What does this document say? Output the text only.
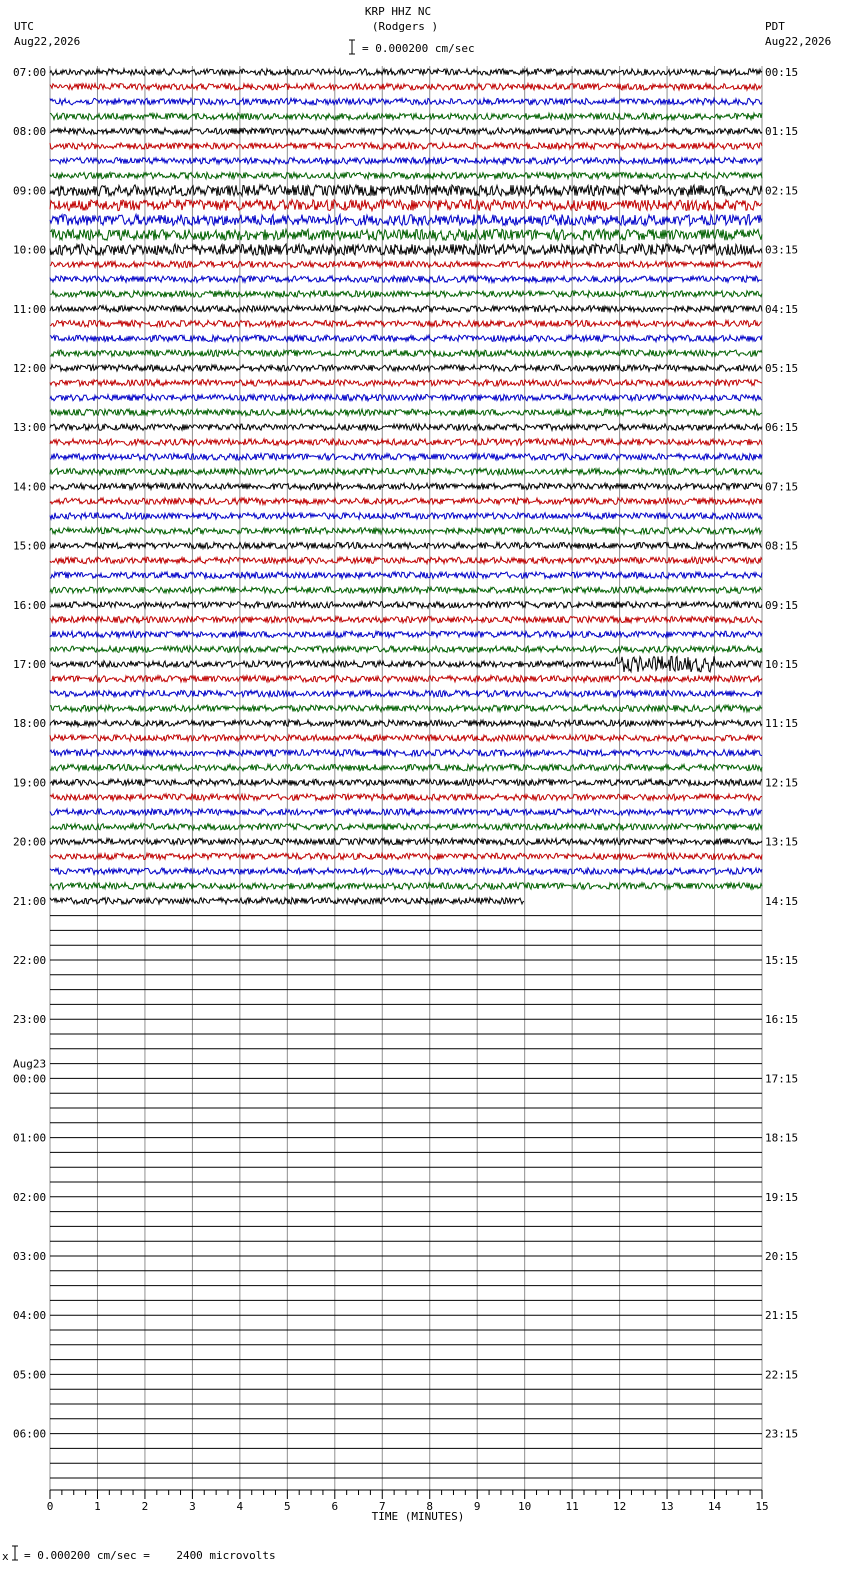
KRP HHZ NC
(Rodgers )
UTC
Aug22,2026
PDT
Aug22,2026
= 0.000200 cm/sec
07:00
08:00
09:00
10:00
11:00
12:00
13:00
14:00
15:00
16:00
17:00
18:00
19:00
20:00
21:00
22:00
23:00
00:00
01:00
02:00
03:00
04:00
05:00
06:00
Aug23
00:15
01:15
02:15
03:15
04:15
05:15
06:15
07:15
08:15
09:15
10:15
11:15
12:15
13:15
14:15
15:15
16:15
17:15
18:15
19:15
20:15
21:15
22:15
23:15
0	1	2	3	4	5	6	7	8	9	10	11	12	13	14	15
TIME (MINUTES)
x = 0.000200 cm/sec =    2400 microvolts
